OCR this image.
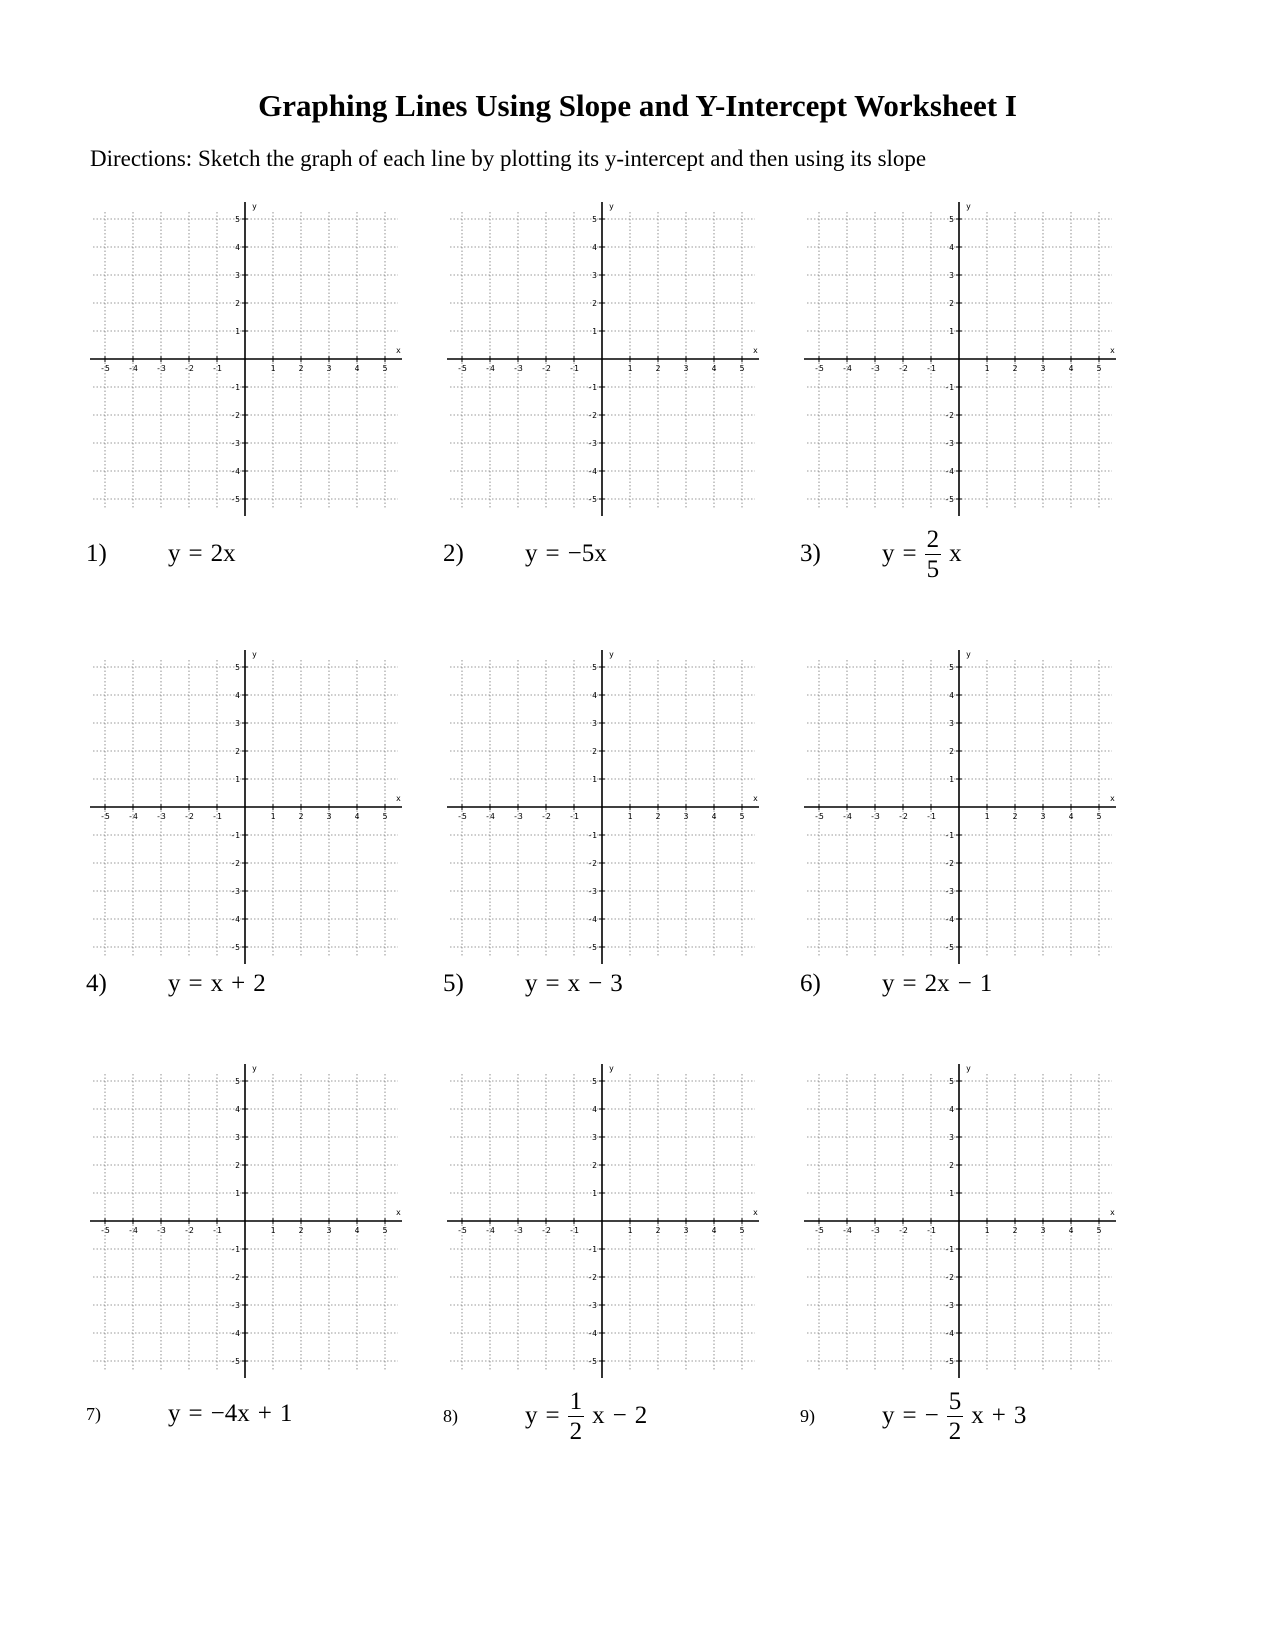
Graphing Lines Using Slope and Y-Intercept Worksheet I
Directions: Sketch the graph of each line by plotting its y-intercept and then using its slope
x
y
-5 -4 -3 -2 -1	1	2	3	4	5
5
4
3
2
1
-1
-2
-3
-4
-5
x
y
-5 -4 -3 -2 -1	1	2	3	4	5
5
4
3
2
1
-1
-2
-3
-4
-5
x
y
-5 -4 -3 -2 -1	1	2	3	4	5
5
4
3
2
1
-1
-2
-3
-4
-5
x
y
-5 -4 -3 -2 -1	1	2	3	4	5
5
4
3
2
1
-1
-2
-3
-4
-5
x
y
-5 -4 -3 -2 -1	1	2	3	4	5
5
4
3
2
1
-1
-2
-3
-4
-5
x
y
-5 -4 -3 -2 -1	1	2	3	4	5
5
4
3
2
1
-1
-2
-3
-4
-5
x
y
-5 -4 -3 -2 -1	1	2	3	4	5
5
4
3
2
1
-1
-2
-3
-4
-5
x
y
-5 -4 -3 -2 -1	1	2	3	4	5
5
4
3
2
1
-1
-2
-3
-4
-5
x
y
-5 -4 -3 -2 -1	1	2	3	4	5
5
4
3
2
1
-1
-2
-3
-4
-5
1)	y = 2x	2)	y = −5x	3)	$y = \frac{2}{5}$ x
4)	y = x + 2	5)	y = x − 3	6)	y = 2x − 1
7)	y = −4x + 1	8)	$y = \frac{1}{2}$ x − 2	9)	y = − $\frac{5}{2}$ x + 3
